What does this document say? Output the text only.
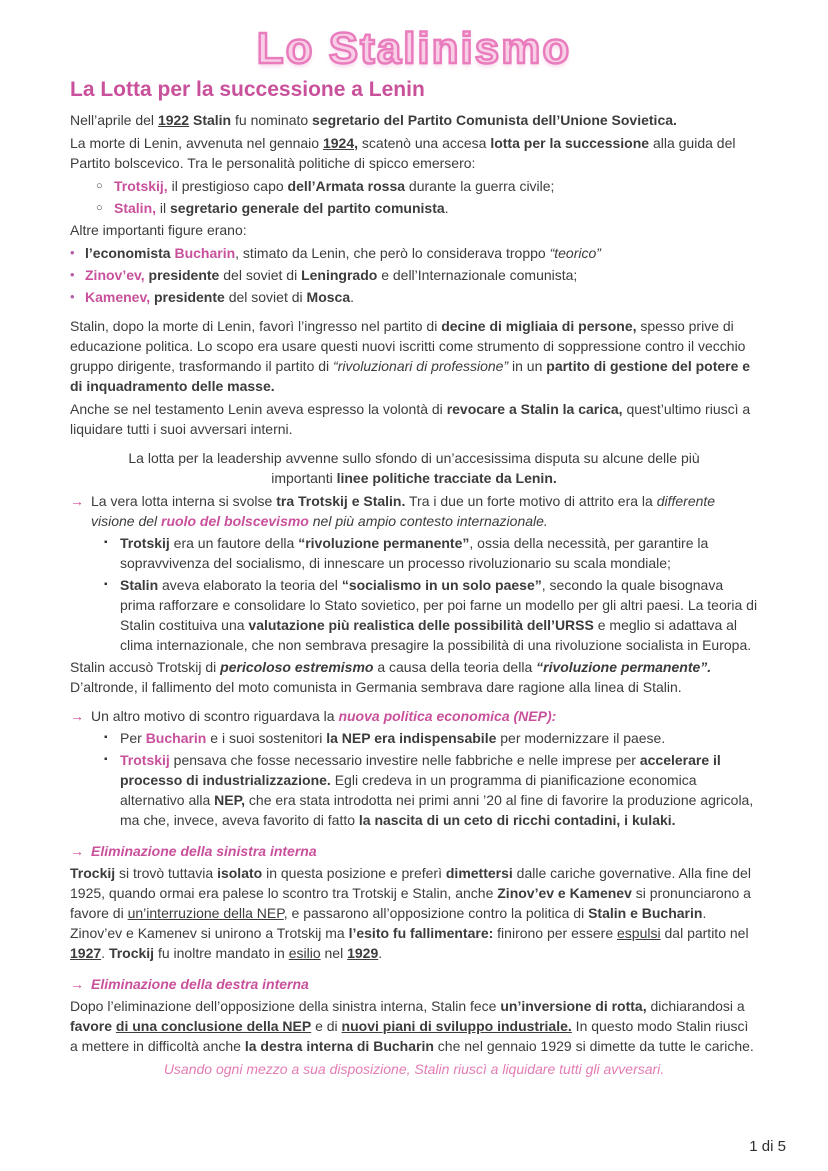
Lo Stalinismo
La Lotta per la successione a Lenin

Nell’aprile del 1922 Stalin fu nominato segretario del Partito Comunista dell’Unione Sovietica.

La morte di Lenin, avvenuta nel gennaio 1924, scatenò una accesa lotta per la successione alla guida del Partito bolscevico. Tra le personalità politiche di spicco emersero:

○ Trotskij, il prestigioso capo dell’Armata rossa durante la guerra civile;
○ Stalin, il segretario generale del partito comunista.

Altre importanti figure erano:

• l’economista Bucharin, stimato da Lenin, che però lo considerava troppo “teorico”
• Zinov’ev, presidente del soviet di Leningrado e dell’Internazionale comunista;
• Kamenev, presidente del soviet di Mosca.

Stalin, dopo la morte di Lenin, favorì l’ingresso nel partito di decine di migliaia di persone, spesso prive di educazione politica. Lo scopo era usare questi nuovi iscritti come strumento di soppressione contro il vecchio gruppo dirigente, trasformando il partito di “rivoluzionari di professione” in un partito di gestione del potere e di inquadramento delle masse.

Anche se nel testamento Lenin aveva espresso la volontà di revocare a Stalin la carica, quest’ultimo riuscì a liquidare tutti i suoi avversari interni.

La lotta per la leadership avvenne sullo sfondo di un’accesissima disputa su alcune delle più importanti linee politiche tracciate da Lenin.

→ La vera lotta interna si svolse tra Trotskij e Stalin. Tra i due un forte motivo di attrito era la differente visione del ruolo del bolscevismo nel più ampio contesto internazionale.
▪ Trotskij era un fautore della “rivoluzione permanente”, ossia della necessità, per garantire la sopravvivenza del socialismo, di innescare un processo rivoluzionario su scala mondiale;
▪ Stalin aveva elaborato la teoria del “socialismo in un solo paese”, secondo la quale bisognava prima rafforzare e consolidare lo Stato sovietico, per poi farne un modello per gli altri paesi. La teoria di Stalin costituiva una valutazione più realistica delle possibilità dell’URSS e meglio si adattava al clima internazionale, che non sembrava presagire la possibilità di una rivoluzione socialista in Europa.

Stalin accusò Trotskij di pericoloso estremismo a causa della teoria della “rivoluzione permanente”. D’altronde, il fallimento del moto comunista in Germania sembrava dare ragione alla linea di Stalin.

→ Un altro motivo di scontro riguardava la nuova politica economica (NEP):
▪ Per Bucharin e i suoi sostenitori la NEP era indispensabile per modernizzare il paese.
▪ Trotskij pensava che fosse necessario investire nelle fabbriche e nelle imprese per accelerare il processo di industrializzazione. Egli credeva in un programma di pianificazione economica alternativo alla NEP, che era stata introdotta nei primi anni ’20 al fine di favorire la produzione agricola, ma che, invece, aveva favorito di fatto la nascita di un ceto di ricchi contadini, i kulaki.
→ Eliminazione della sinistra interna

Trockij si trovò tuttavia isolato in questa posizione e preferì dimettersi dalle cariche governative. Alla fine del 1925, quando ormai era palese lo scontro tra Trotskij e Stalin, anche Zinov’ev e Kamenev si pronunciarono a favore di un’interruzione della NEP, e passarono all’opposizione contro la politica di Stalin e Bucharin. Zinov’ev e Kamenev si unirono a Trotskij ma l’esito fu fallimentare: finirono per essere espulsi dal partito nel 1927. Trockij fu inoltre mandato in esilio nel 1929.

→ Eliminazione della destra interna

Dopo l’eliminazione dell’opposizione della sinistra interna, Stalin fece un’inversione di rotta, dichiarandosi a favore di una conclusione della NEP e di nuovi piani di sviluppo industriale. In questo modo Stalin riuscì a mettere in difficoltà anche la destra interna di Bucharin che nel gennaio 1929 si dimette da tutte le cariche.

Usando ogni mezzo a sua disposizione, Stalin riuscì a liquidare tutti gli avversari.

1 di 5
